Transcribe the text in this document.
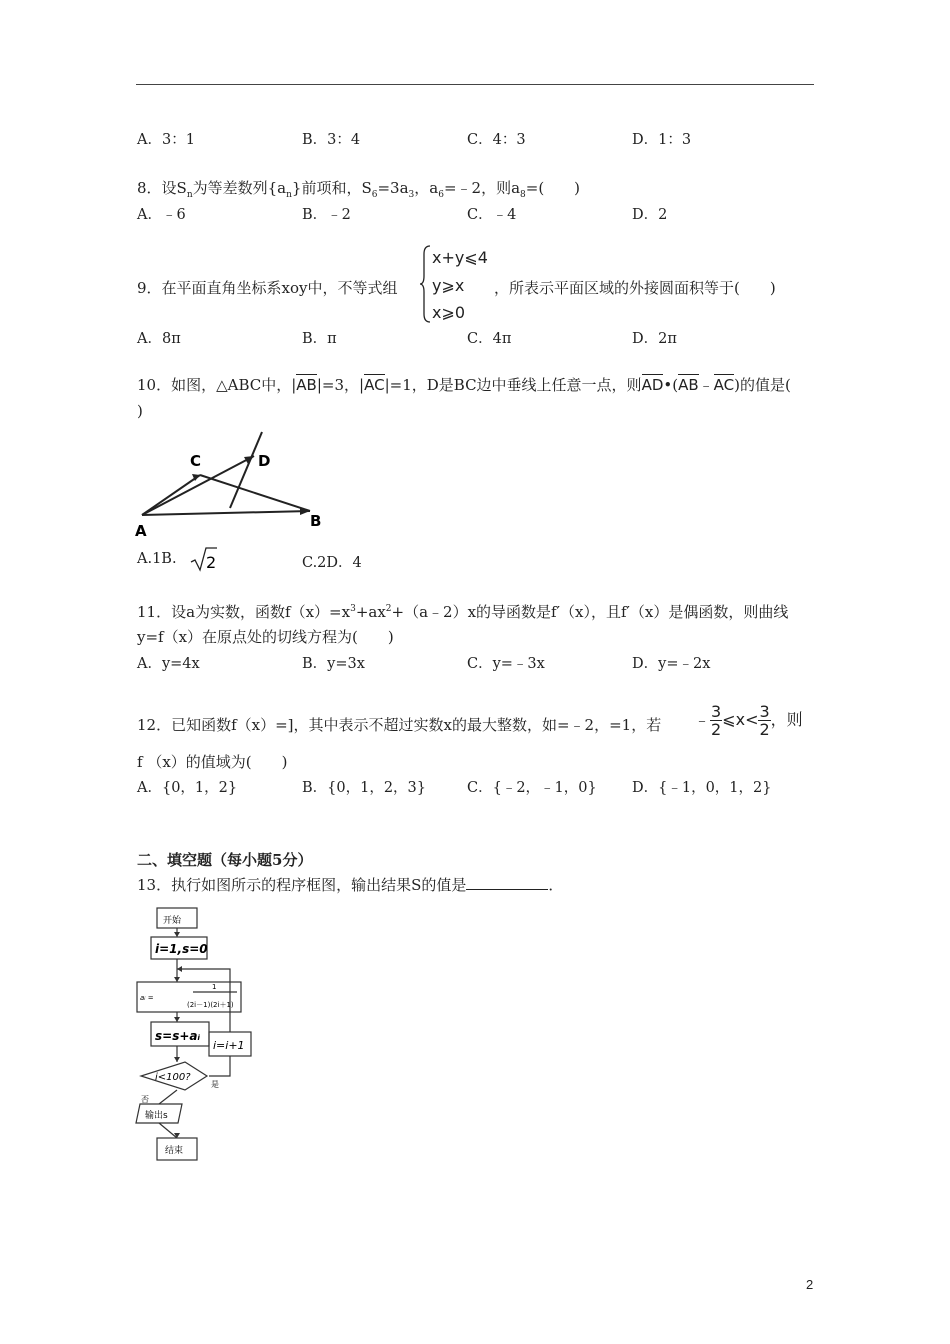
A．3：1	B．3：4	C．4：3	D．1：3
8．设$S_n$为等差数列$\{a_n\}$前项和，$S_6=3a_3$，$a_6=﹣2$，则$a_8=$(　　)
A．﹣6	B．﹣2	C．﹣4	D．2
9．在平面直角坐标系xoy中，不等式组
x+y⩽4
y⩾x
x⩾0
，所表示平面区域的外接圆面积等于(　　)
A．8π	B．π	C．4π	D．2π
10．如图，△ABC中，|AB|=3，|AC|=1，D是BC边中垂线上任意一点，则AD•(AB﹣AC)的值是(
)
C	D
A
B
A.1B. 2	C.2D．4
11．设a为实数，函数$f(x)=x^3+ax^2+(a﹣2)x$的导函数是f′（x），且f′（x）是偶函数，则曲线
y=f（x）在原点处的切线方程为(　　)
A．y=4x	B．y=3x	C．y=﹣3x	D．y=﹣2x
12．已知函数f（x）=]，其中表示不超过实数x的最大整数，如=﹣2，=1，若 ﹣ $\frac{3}{2}$ ⩽x< $\frac{3}{2}$ ，则
f （x）的值域为(　　)
A．{0，1，2}	B．{0，1，2，3}	C．{﹣2，﹣1，0} D．{﹣1，0，1，2}
二、填空题（每小题5分）
13．执行如图所示的程序框图，输出结果S的值是	．
开始
i=1,s=0
aᵢ =
1
(2i－1)(2i＋1)
s=s+aᵢ
i=i+1
i<100?
是
否
输出s
结束
2
